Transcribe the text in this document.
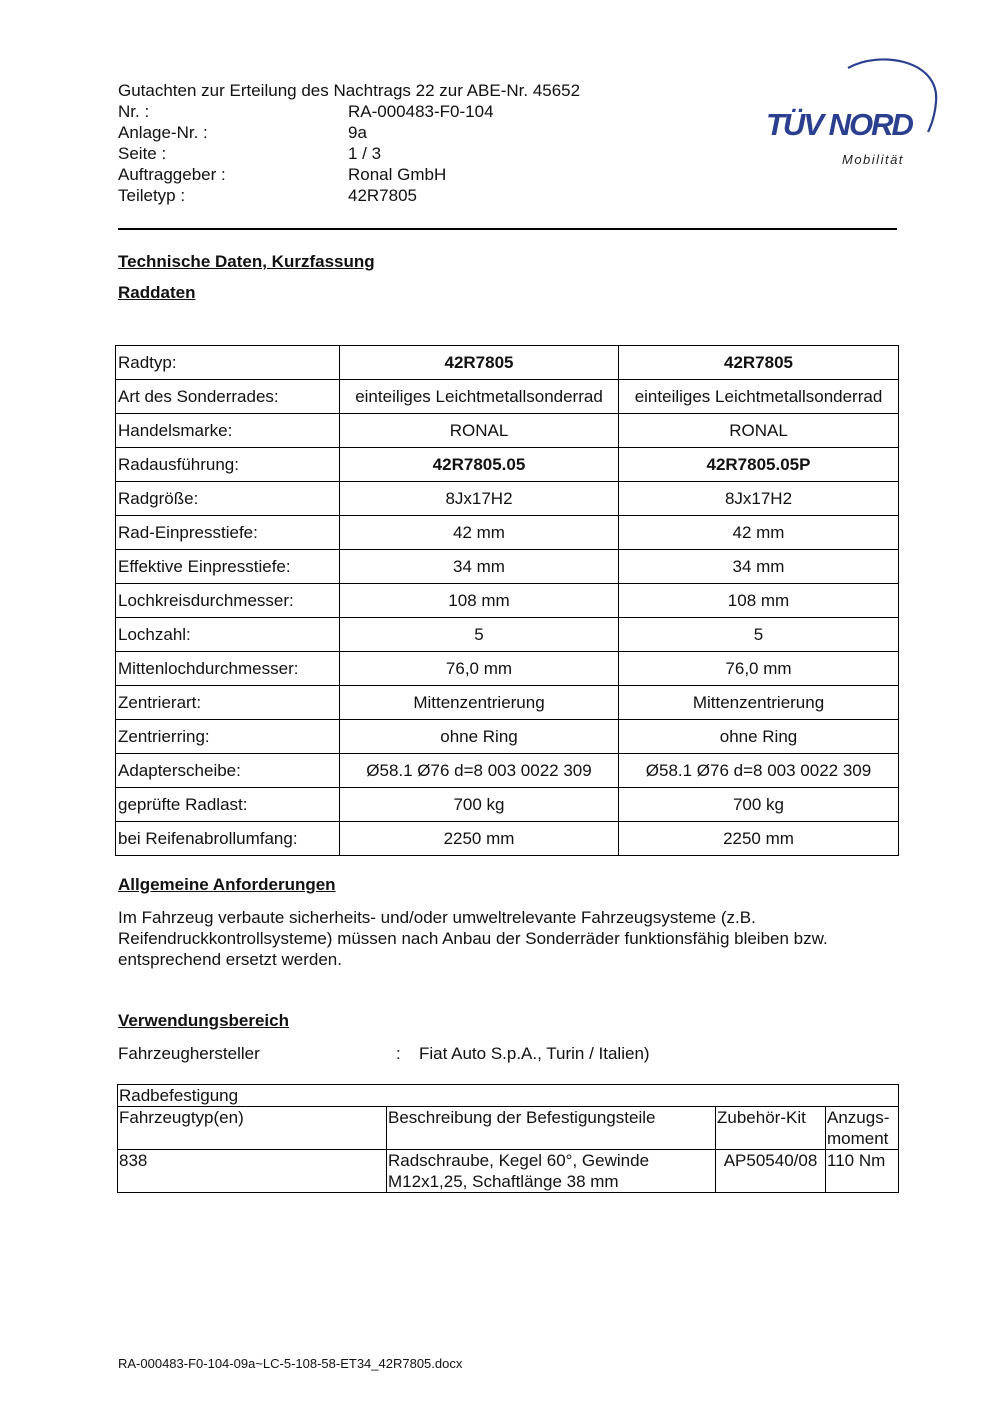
Gutachten zur Erteilung des Nachtrags 22 zur ABE-Nr. 45652
Nr. :	RA-000483-F0-104
Anlage-Nr. :	9a
Seite :	1 / 3
Auftraggeber :	Ronal GmbH
Teiletyp :	42R7805
TÜV NORD
Mobilität
Technische Daten, Kurzfassung
Raddaten
Radtyp:	42R7805	42R7805
Art des Sonderrades:	einteiliges Leichtmetallsonderrad	einteiliges Leichtmetallsonderrad
Handelsmarke:	RONAL	RONAL
Radausführung:	42R7805.05	42R7805.05P
Radgröße:	8Jx17H2	8Jx17H2
Rad-Einpresstiefe:	42 mm	42 mm
Effektive Einpresstiefe:	34 mm	34 mm
Lochkreisdurchmesser:	108 mm	108 mm
Lochzahl:	5	5
Mittenlochdurchmesser:	76,0 mm	76,0 mm
Zentrierart:	Mittenzentrierung	Mittenzentrierung
Zentrierring:	ohne Ring	ohne Ring
Adapterscheibe:	Ø58.1 Ø76 d=8 003 0022 309	Ø58.1 Ø76 d=8 003 0022 309
geprüfte Radlast:	700 kg	700 kg
bei Reifenabrollumfang:	2250 mm	2250 mm
Allgemeine Anforderungen
Im Fahrzeug verbaute sicherheits- und/oder umweltrelevante Fahrzeugsysteme (z.B. Reifendruckkontrollsysteme) müssen nach Anbau der Sonderräder funktionsfähig bleiben bzw. entsprechend ersetzt werden.
Verwendungsbereich
Fahrzeughersteller	: Fiat Auto S.p.A., Turin / Italien)
Radbefestigung			
Fahrzeugtyp(en)	Beschreibung der Befestigungsteile	Zubehör-Kit	Anzugs-moment
838	Radschraube, Kegel 60°, Gewinde M12x1,25, Schaftlänge 38 mm	AP50540/08	110 Nm
RA-000483-F0-104-09a~LC-5-108-58-ET34_42R7805.docx
